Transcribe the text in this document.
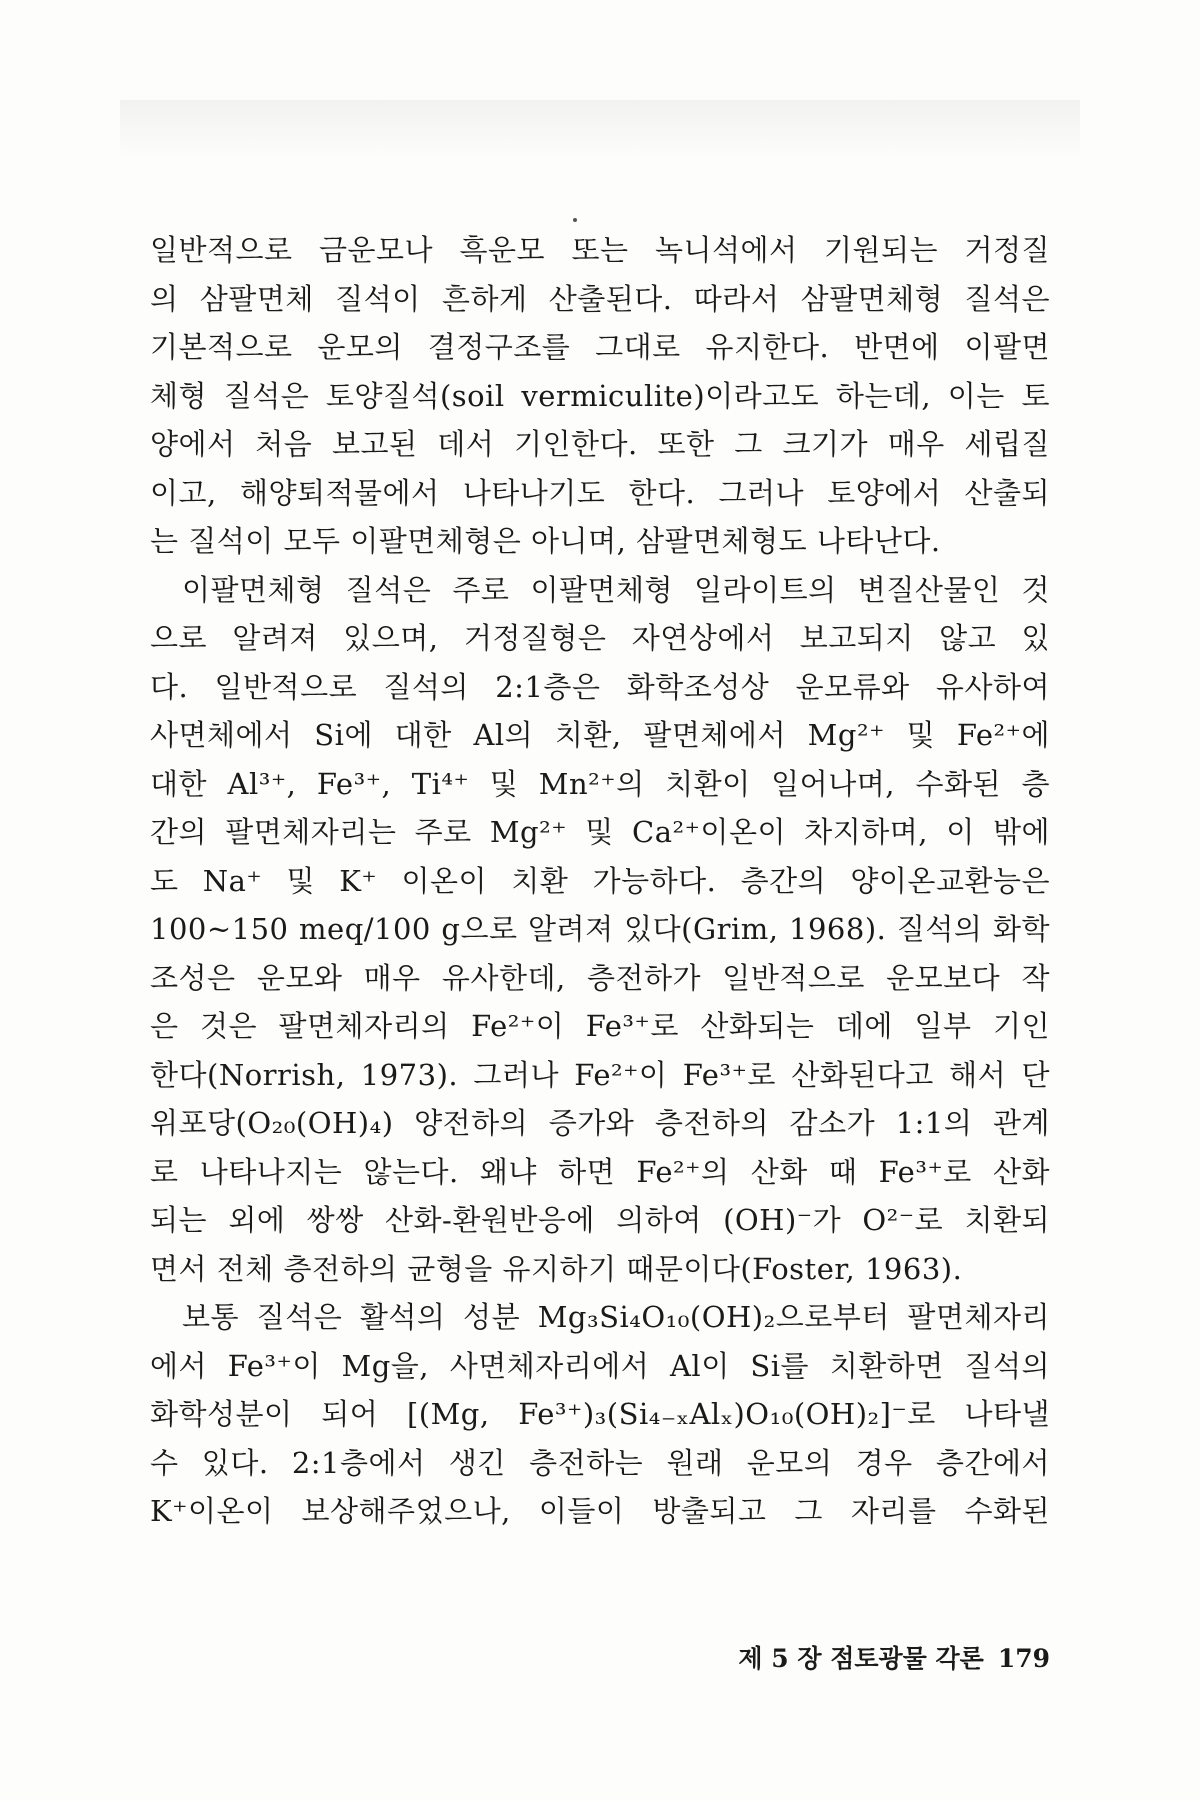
일반적으로 금운모나 흑운모 또는 녹니석에서 기원되는 거정질
의 삼팔면체 질석이 흔하게 산출된다. 따라서 삼팔면체형 질석은
기본적으로 운모의 결정구조를 그대로 유지한다. 반면에 이팔면
체형 질석은 토양질석(soil vermiculite)이라고도 하는데, 이는 토
양에서 처음 보고된 데서 기인한다. 또한 그 크기가 매우 세립질
이고, 해양퇴적물에서 나타나기도 한다. 그러나 토양에서 산출되
는 질석이 모두 이팔면체형은 아니며, 삼팔면체형도 나타난다.
이팔면체형 질석은 주로 이팔면체형 일라이트의 변질산물인 것
으로 알려져 있으며, 거정질형은 자연상에서 보고되지 않고 있
다. 일반적으로 질석의 2:1층은 화학조성상 운모류와 유사하여
사면체에서 Si에 대한 Al의 치환, 팔면체에서 Mg²⁺ 및 Fe²⁺에
대한 Al³⁺, Fe³⁺, Ti⁴⁺ 및 Mn²⁺의 치환이 일어나며, 수화된 층
간의 팔면체자리는 주로 Mg²⁺ 및 Ca²⁺이온이 차지하며, 이 밖에
도 Na⁺ 및 K⁺ 이온이 치환 가능하다. 층간의 양이온교환능은
100~150 meq/100 g으로 알려져 있다(Grim, 1968). 질석의 화학
조성은 운모와 매우 유사한데, 층전하가 일반적으로 운모보다 작
은 것은 팔면체자리의 Fe²⁺이 Fe³⁺로 산화되는 데에 일부 기인
한다(Norrish, 1973). 그러나 Fe²⁺이 Fe³⁺로 산화된다고 해서 단
위포당(O₂₀(OH)₄) 양전하의 증가와 층전하의 감소가 1:1의 관계
로 나타나지는 않는다. 왜냐 하면 Fe²⁺의 산화 때 Fe³⁺로 산화
되는 외에 쌍쌍 산화-환원반응에 의하여 (OH)⁻가 O²⁻로 치환되
면서 전체 층전하의 균형을 유지하기 때문이다(Foster, 1963).
보통 질석은 활석의 성분 Mg₃Si₄O₁₀(OH)₂으로부터 팔면체자리
에서 Fe³⁺이 Mg을, 사면체자리에서 Al이 Si를 치환하면 질석의
화학성분이 되어 [(Mg, Fe³⁺)₃(Si₄₋ₓAlₓ)O₁₀(OH)₂]⁻로 나타낼
수 있다. 2:1층에서 생긴 층전하는 원래 운모의 경우 층간에서
K⁺이온이 보상해주었으나, 이들이 방출되고 그 자리를 수화된
제 5 장 점토광물 각론 179
